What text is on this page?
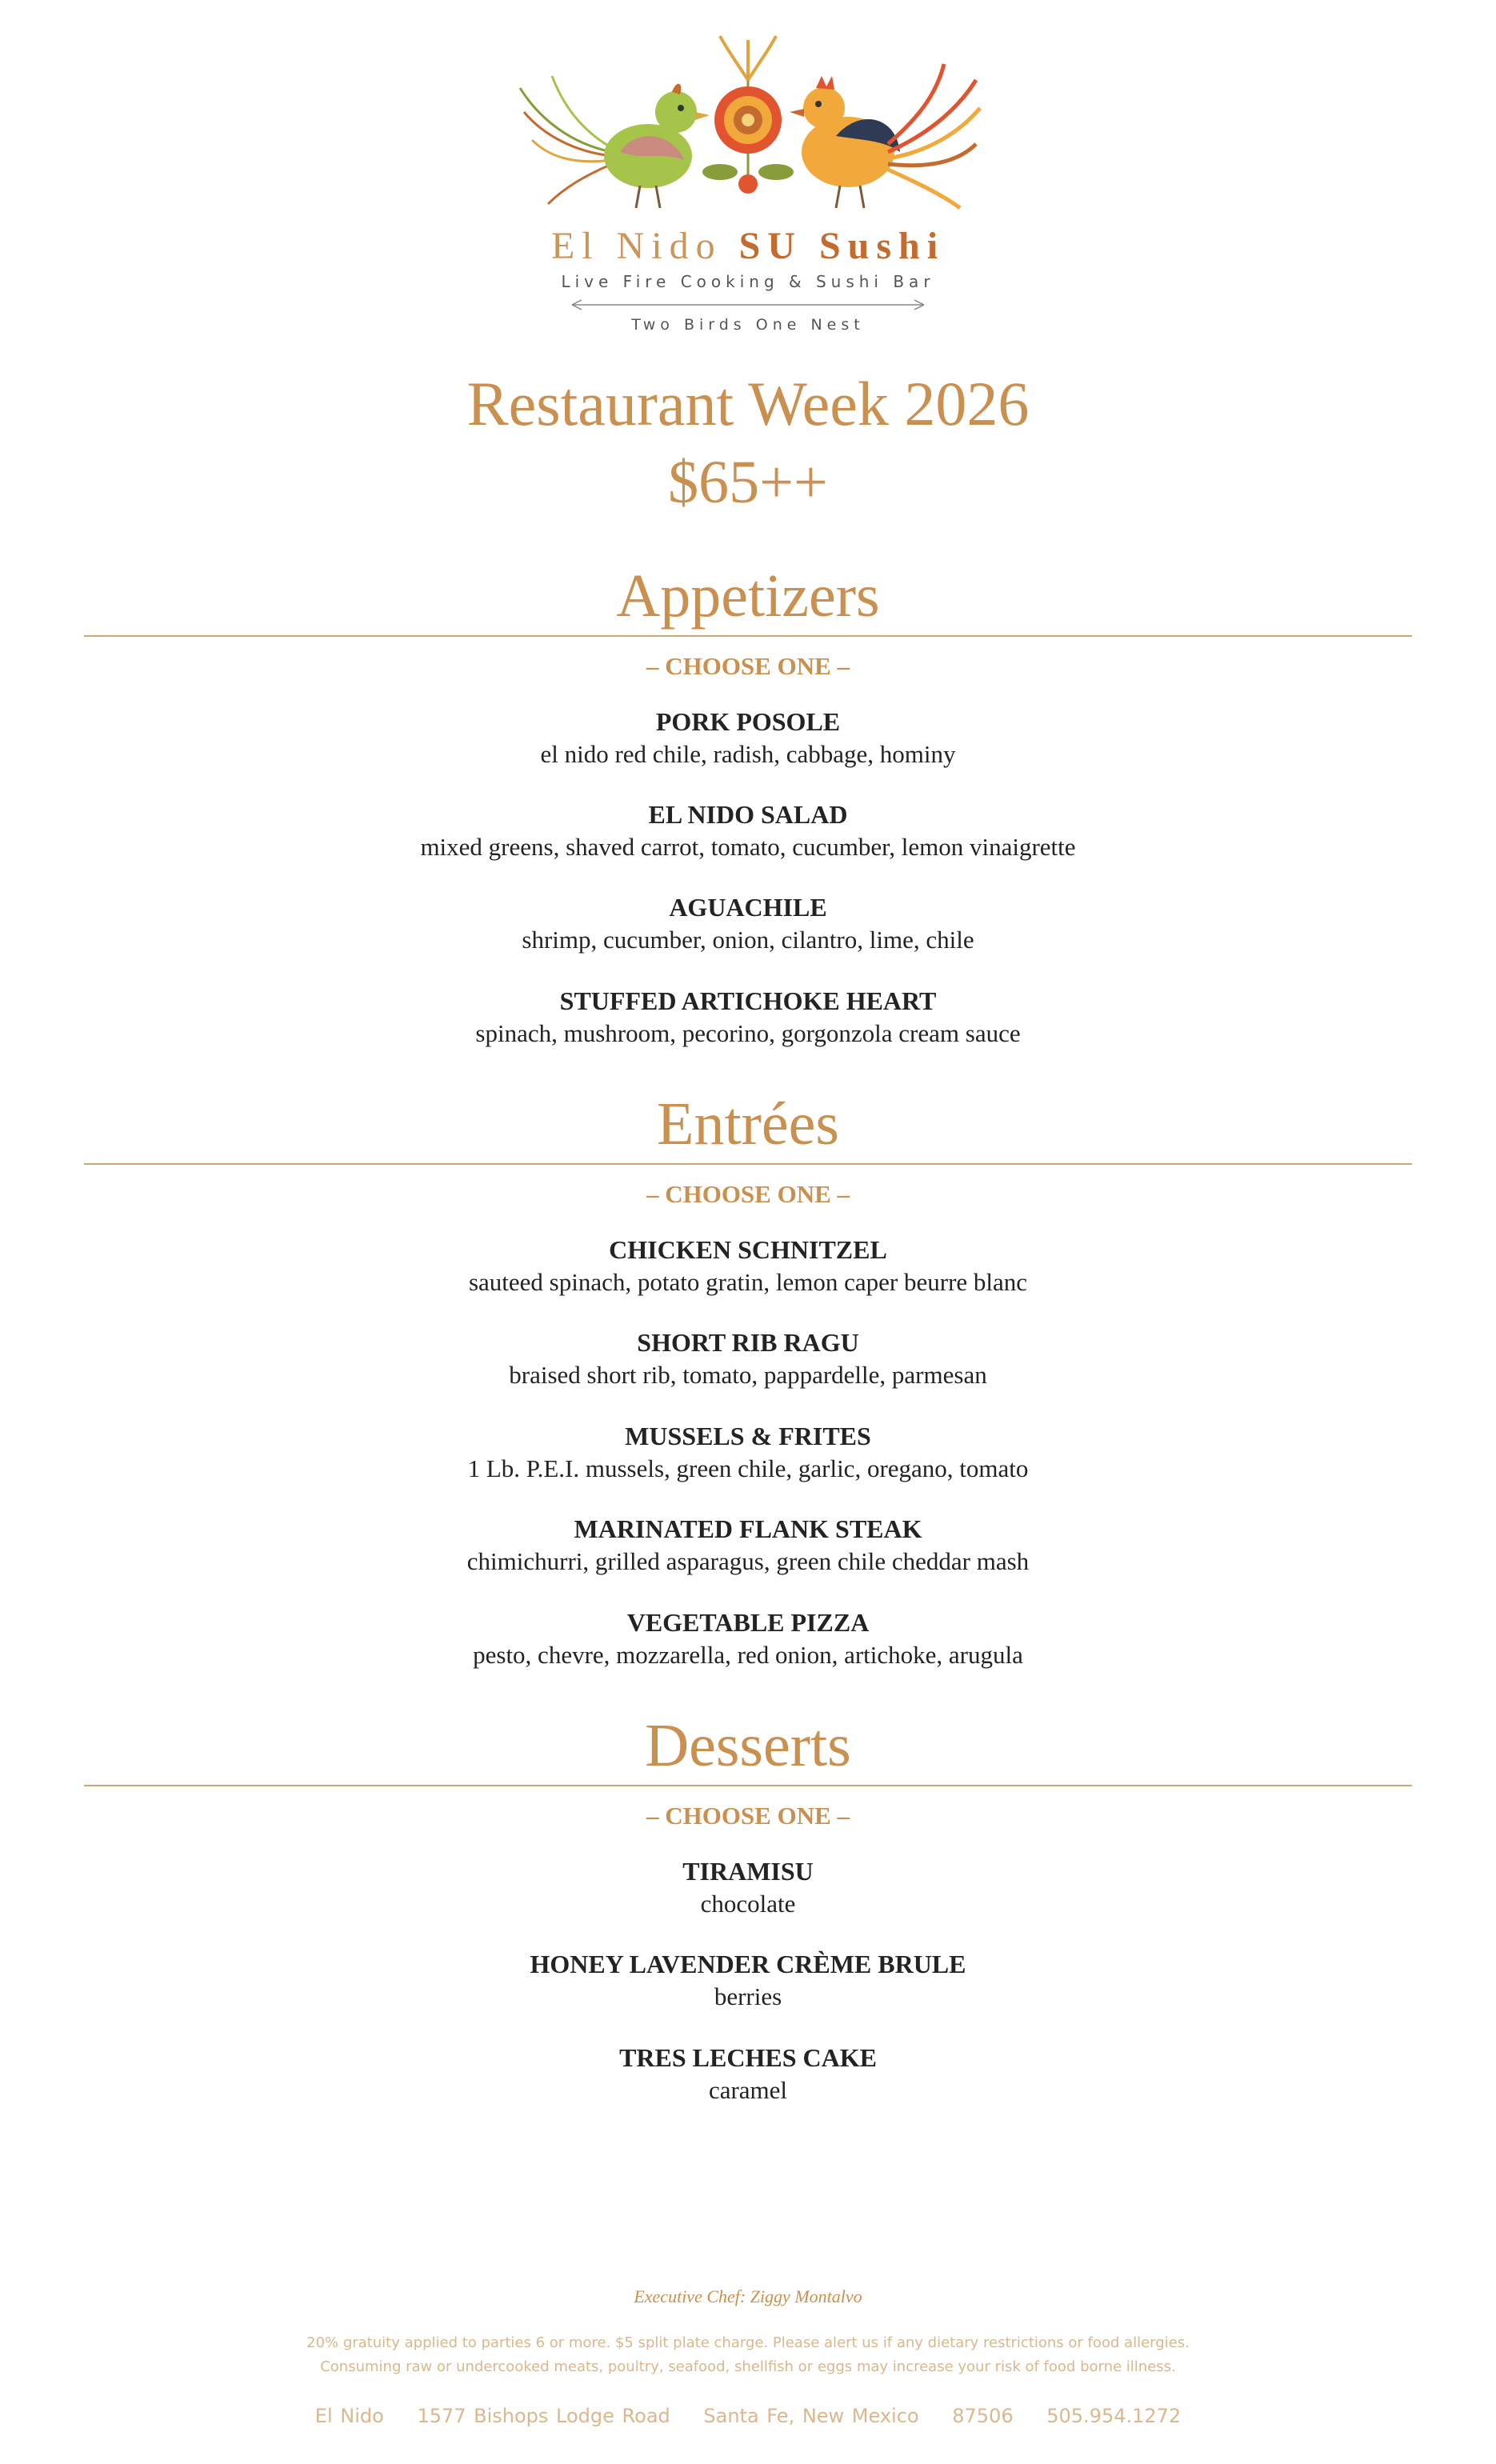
El Nido SU Sushi
Live Fire Cooking & Sushi Bar
Two Birds One Nest
Restaurant Week 2026
$65++
Appetizers
– CHOOSE ONE –
PORK POSOLE
el nido red chile, radish, cabbage, hominy
EL NIDO SALAD
mixed greens, shaved carrot, tomato, cucumber, lemon vinaigrette
AGUACHILE
shrimp, cucumber, onion, cilantro, lime, chile
STUFFED ARTICHOKE HEART
spinach, mushroom, pecorino, gorgonzola cream sauce
Entrées
– CHOOSE ONE –
CHICKEN SCHNITZEL
sauteed spinach, potato gratin, lemon caper beurre blanc
SHORT RIB RAGU
braised short rib, tomato, pappardelle, parmesan
MUSSELS & FRITES
1 Lb. P.E.I. mussels, green chile, garlic, oregano, tomato
MARINATED FLANK STEAK
chimichurri, grilled asparagus, green chile cheddar mash
VEGETABLE PIZZA
pesto, chevre, mozzarella, red onion, artichoke, arugula
Desserts
– CHOOSE ONE –
TIRAMISU
chocolate
HONEY LAVENDER CRÈME BRULE
berries
TRES LECHES CAKE
caramel
Executive Chef: Ziggy Montalvo
20% gratuity applied to parties 6 or more. $5 split plate charge. Please alert us if any dietary restrictions or food allergies.
Consuming raw or undercooked meats, poultry, seafood, shellfish or eggs may increase your risk of food borne illness.
El Nido 1577 Bishops Lodge Road Santa Fe, New Mexico 87506 505.954.1272
